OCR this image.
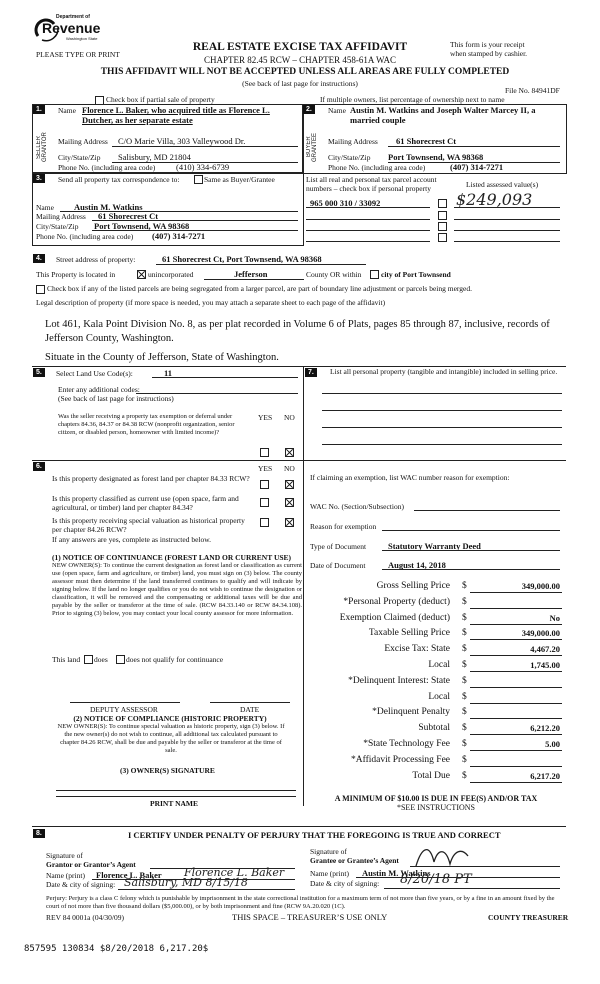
Department of
Revenue
Washington State
PLEASE TYPE OR PRINT
REAL ESTATE EXCISE TAX AFFIDAVIT
CHAPTER 82.45 RCW – CHAPTER 458-61A WAC
This form is your receipt
when stamped by cashier.
THIS AFFIDAVIT WILL NOT BE ACCEPTED UNLESS ALL AREAS ARE FULLY COMPLETED
(See back of last page for instructions)
File No. 84941DF
Check box if partial sale of property	If multiple owners, list percentage of ownership next to name
1.
SELLER GRANTOR
Name Florence L. Baker, who acquired title as Florence L. Dutcher, as her separate estate
Mailing Address C/O Marie Villa, 303 Valleywood Dr.
City/State/Zip Salisbury, MD 21804
Phone No. (including area code) (410) 334-6739
2.
BUYER GRANTEE
Name Austin M. Watkins and Joseph Walter Marcey II, a married couple
Mailing Address 61 Shorecrest Ct
City/State/Zip Port Townsend, WA 98368
Phone No. (including area code)	(407) 314-7271
3.	Send all property tax correspondence to:	Same as Buyer/Grantee
Name Austin M. Watkins
Mailing Address 61 Shorecrest Ct
City/State/Zip Port Townsend, WA 98368
Phone No. (including area code) (407) 314-7271
List all real and personal tax parcel account
numbers – check box if personal property	Listed assessed value(s)
965 000 310 / 33092	$249,093
4.	Street address of property:	61 Shorecrest Ct, Port Townsend, WA 98368
This Property is located in	unincorporated	Jefferson	County OR within	city of Port Townsend
Check box if any of the listed parcels are being segregated from a larger parcel, are part of boundary line adjustment or parcels being merged.
Legal description of property (if more space is needed, you may attach a separate sheet to each page of the affidavit)
Lot 461, Kala Point Division No. 8, as per plat recorded in Volume 6 of Plats, pages 85 through 87, inclusive, records of Jefferson County, Washington.
Situate in the County of Jefferson, State of Washington.
5.	Select Land Use Code(s):	11
Enter any additional codes:
(See back of last page for instructions)
YES NO
Was the seller receiving a property tax exemption or deferral under chapters 84.36, 84.37 or 84.38 RCW (nonprofit organization, senior citizen, or disabled person, homeowner with limited income)?
6.	YES NO
Is this property designated as forest land per chapter 84.33 RCW?
Is this property classified as current use (open space, farm and agricultural, or timber) land per chapter 84.34?
Is this property receiving special valuation as historical property per chapter 84.26 RCW?
If any answers are yes, complete as instructed below.
(1) NOTICE OF CONTINUANCE (FOREST LAND OR CURRENT USE)
NEW OWNER(S): To continue the current designation as forest land or classification as current use (open space, farm and agriculture, or timber) land, you must sign on (3) below. The county assessor must then determine if the land transferred continues to qualify and will indicate by signing below. If the land no longer qualifies or you do not wish to continue the designation or classification, it will be removed and the compensating or additional taxes will be due and payable by the seller or transferor at the time of sale. (RCW 84.33.140 or RCW 84.34.108). Prior to signing (3) below, you may contact your local county assessor for more information.
This land does does not qualify for continuance
DEPUTY ASSESSOR	DATE
(2) NOTICE OF COMPLIANCE (HISTORIC PROPERTY)
NEW OWNER(S): To continue special valuation as historic property, sign (3) below. If the new owner(s) do not wish to continue, all additional tax calculated pursuant to chapter 84.26 RCW, shall be due and payable by the seller or transferor at the time of sale.
(3) OWNER(S) SIGNATURE
PRINT NAME
7.	List all personal property (tangible and intangible) included in selling price.
If claiming an exemption, list WAC number reason for exemption:
WAC No. (Section/Subsection)
Reason for exemption
Type of Document	Statutory Warranty Deed
Date of Document	August 14, 2018
Gross Selling Price $	349,000.00
*Personal Property (deduct) $
Exemption Claimed (deduct) $	No
Taxable Selling Price $	349,000.00
Excise Tax: State $	4,467.20
Local $	1,745.00
*Delinquent Interest: State $
Local $
*Delinquent Penalty $
Subtotal $	6,212.20
*State Technology Fee $	5.00
*Affidavit Processing Fee $
Total Due $	6,217.20
A MINIMUM OF $10.00 IS DUE IN FEE(S) AND/OR TAX
*SEE INSTRUCTIONS
8.	I CERTIFY UNDER PENALTY OF PERJURY THAT THE FOREGOING IS TRUE AND CORRECT
Signature of
Grantor or Grantor’s Agent
Name (print) Florence L. Baker Florence L. Baker
Date & city of signing: Salisbury, MD 8/15/18
Signature of
Grantee or Grantee’s Agent
Name (print) Austin M. Watkins
Date & city of signing: 8/20/18 PT
Perjury: Perjury is a class C felony which is punishable by imprisonment in the state correctional institution for a maximum term of not more than five years, or by a fine in an amount fixed by the court of not more than five thousand dollars ($5,000.00), or by both imprisonment and fine (RCW 9A.20.020 (1C).
REV 84 0001a (04/30/09)	THIS SPACE – TREASURER’S USE ONLY	COUNTY TREASURER
857595 130834 $8/20/2018 6,217.20$
